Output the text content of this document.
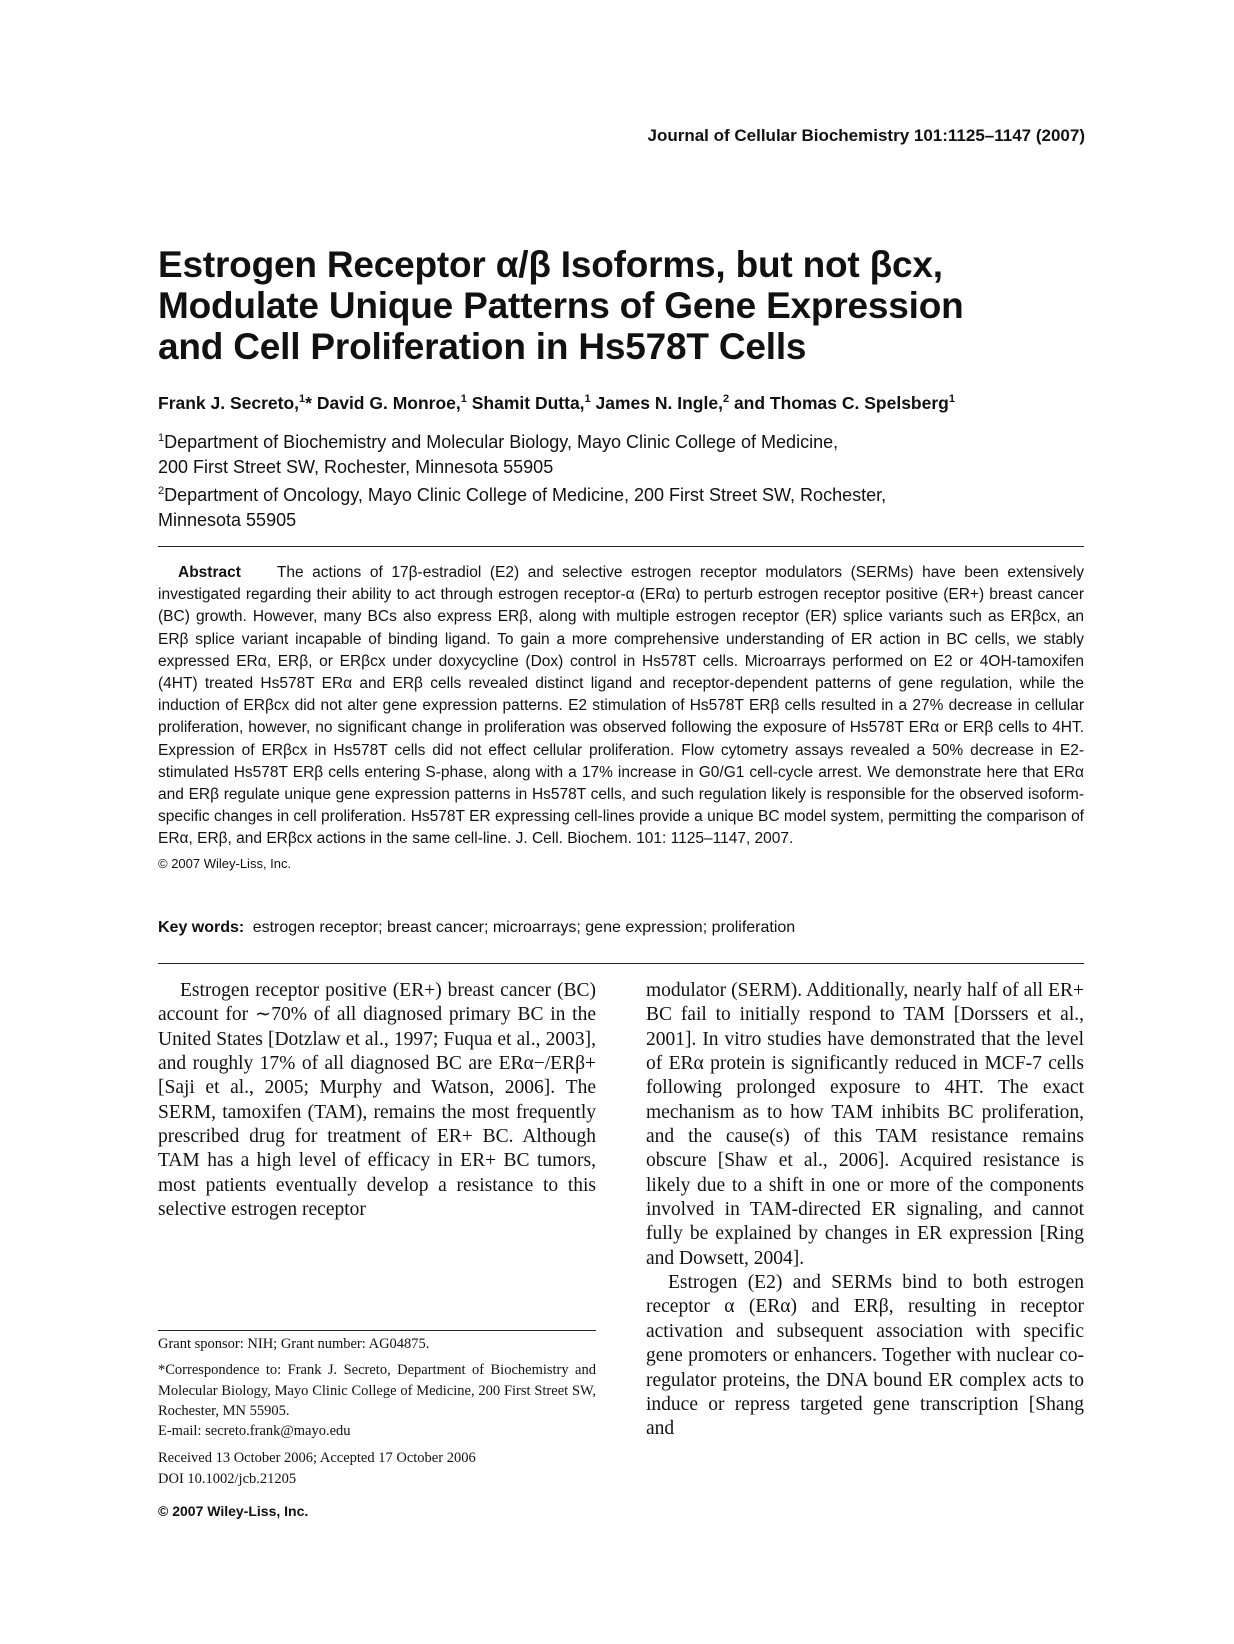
Journal of Cellular Biochemistry 101:1125–1147 (2007)
Estrogen Receptor α/β Isoforms, but not βcx,
Modulate Unique Patterns of Gene Expression
and Cell Proliferation in Hs578T Cells
Frank J. Secreto,$^1$* David G. Monroe,$^1$ Shamit Dutta,$^1$ James N. Ingle,$^2$ and Thomas C. Spelsberg$^1$
$^1$Department of Biochemistry and Molecular Biology, Mayo Clinic College of Medicine,
200 First Street SW, Rochester, Minnesota 55905
$^2$Department of Oncology, Mayo Clinic College of Medicine, 200 First Street SW, Rochester,
Minnesota 55905
Abstract The actions of 17β-estradiol (E2) and selective estrogen receptor modulators (SERMs) have been extensively investigated regarding their ability to act through estrogen receptor-α (ERα) to perturb estrogen receptor positive (ER+) breast cancer (BC) growth. However, many BCs also express ERβ, along with multiple estrogen receptor (ER) splice variants such as ERβcx, an ERβ splice variant incapable of binding ligand. To gain a more comprehensive understanding of ER action in BC cells, we stably expressed ERα, ERβ, or ERβcx under doxycycline (Dox) control in Hs578T cells. Microarrays performed on E2 or 4OH-tamoxifen (4HT) treated Hs578T ERα and ERβ cells revealed distinct ligand and receptor-dependent patterns of gene regulation, while the induction of ERβcx did not alter gene expression patterns. E2 stimulation of Hs578T ERβ cells resulted in a 27% decrease in cellular proliferation, however, no significant change in proliferation was observed following the exposure of Hs578T ERα or ERβ cells to 4HT. Expression of ERβcx in Hs578T cells did not effect cellular proliferation. Flow cytometry assays revealed a 50% decrease in E2-stimulated Hs578T ERβ cells entering S-phase, along with a 17% increase in G0/G1 cell-cycle arrest. We demonstrate here that ERα and ERβ regulate unique gene expression patterns in Hs578T cells, and such regulation likely is responsible for the observed isoform-specific changes in cell proliferation. Hs578T ER expressing cell-lines provide a unique BC model system, permitting the comparison of ERα, ERβ, and ERβcx actions in the same cell-line. J. Cell. Biochem. 101: 1125–1147, 2007.
© 2007 Wiley-Liss, Inc.
Key words: estrogen receptor; breast cancer; microarrays; gene expression; proliferation

Estrogen receptor positive (ER+) breast cancer (BC) account for ∼70% of all diagnosed primary BC in the United States [Dotzlaw et al., 1997; Fuqua et al., 2003], and roughly 17% of all diagnosed BC are ERα−/ERβ+ [Saji et al., 2005; Murphy and Watson, 2006]. The SERM, tamoxifen (TAM), remains the most frequently prescribed drug for treatment of ER+ BC. Although TAM has a high level of efficacy in ER+ BC tumors, most patients eventually develop a resistance to this selective estrogen receptor

modulator (SERM). Additionally, nearly half of all ER+ BC fail to initially respond to TAM [Dorssers et al., 2001]. In vitro studies have demonstrated that the level of ERα protein is significantly reduced in MCF-7 cells following prolonged exposure to 4HT. The exact mechanism as to how TAM inhibits BC proliferation, and the cause(s) of this TAM resistance remains obscure [Shaw et al., 2006]. Acquired resistance is likely due to a shift in one or more of the components involved in TAM-directed ER signaling, and cannot fully be explained by changes in ER expression [Ring and Dowsett, 2004].

Estrogen (E2) and SERMs bind to both estrogen receptor α (ERα) and ERβ, resulting in receptor activation and subsequent association with specific gene promoters or enhancers. Together with nuclear co-regulator proteins, the DNA bound ER complex acts to induce or repress targeted gene transcription [Shang and

Grant sponsor: NIH; Grant number: AG04875.

*Correspondence to: Frank J. Secreto, Department of Biochemistry and Molecular Biology, Mayo Clinic College of Medicine, 200 First Street SW, Rochester, MN 55905.

E-mail: secreto.frank@mayo.edu

Received 13 October 2006; Accepted 17 October 2006

DOI 10.1002/jcb.21205

© 2007 Wiley-Liss, Inc.
